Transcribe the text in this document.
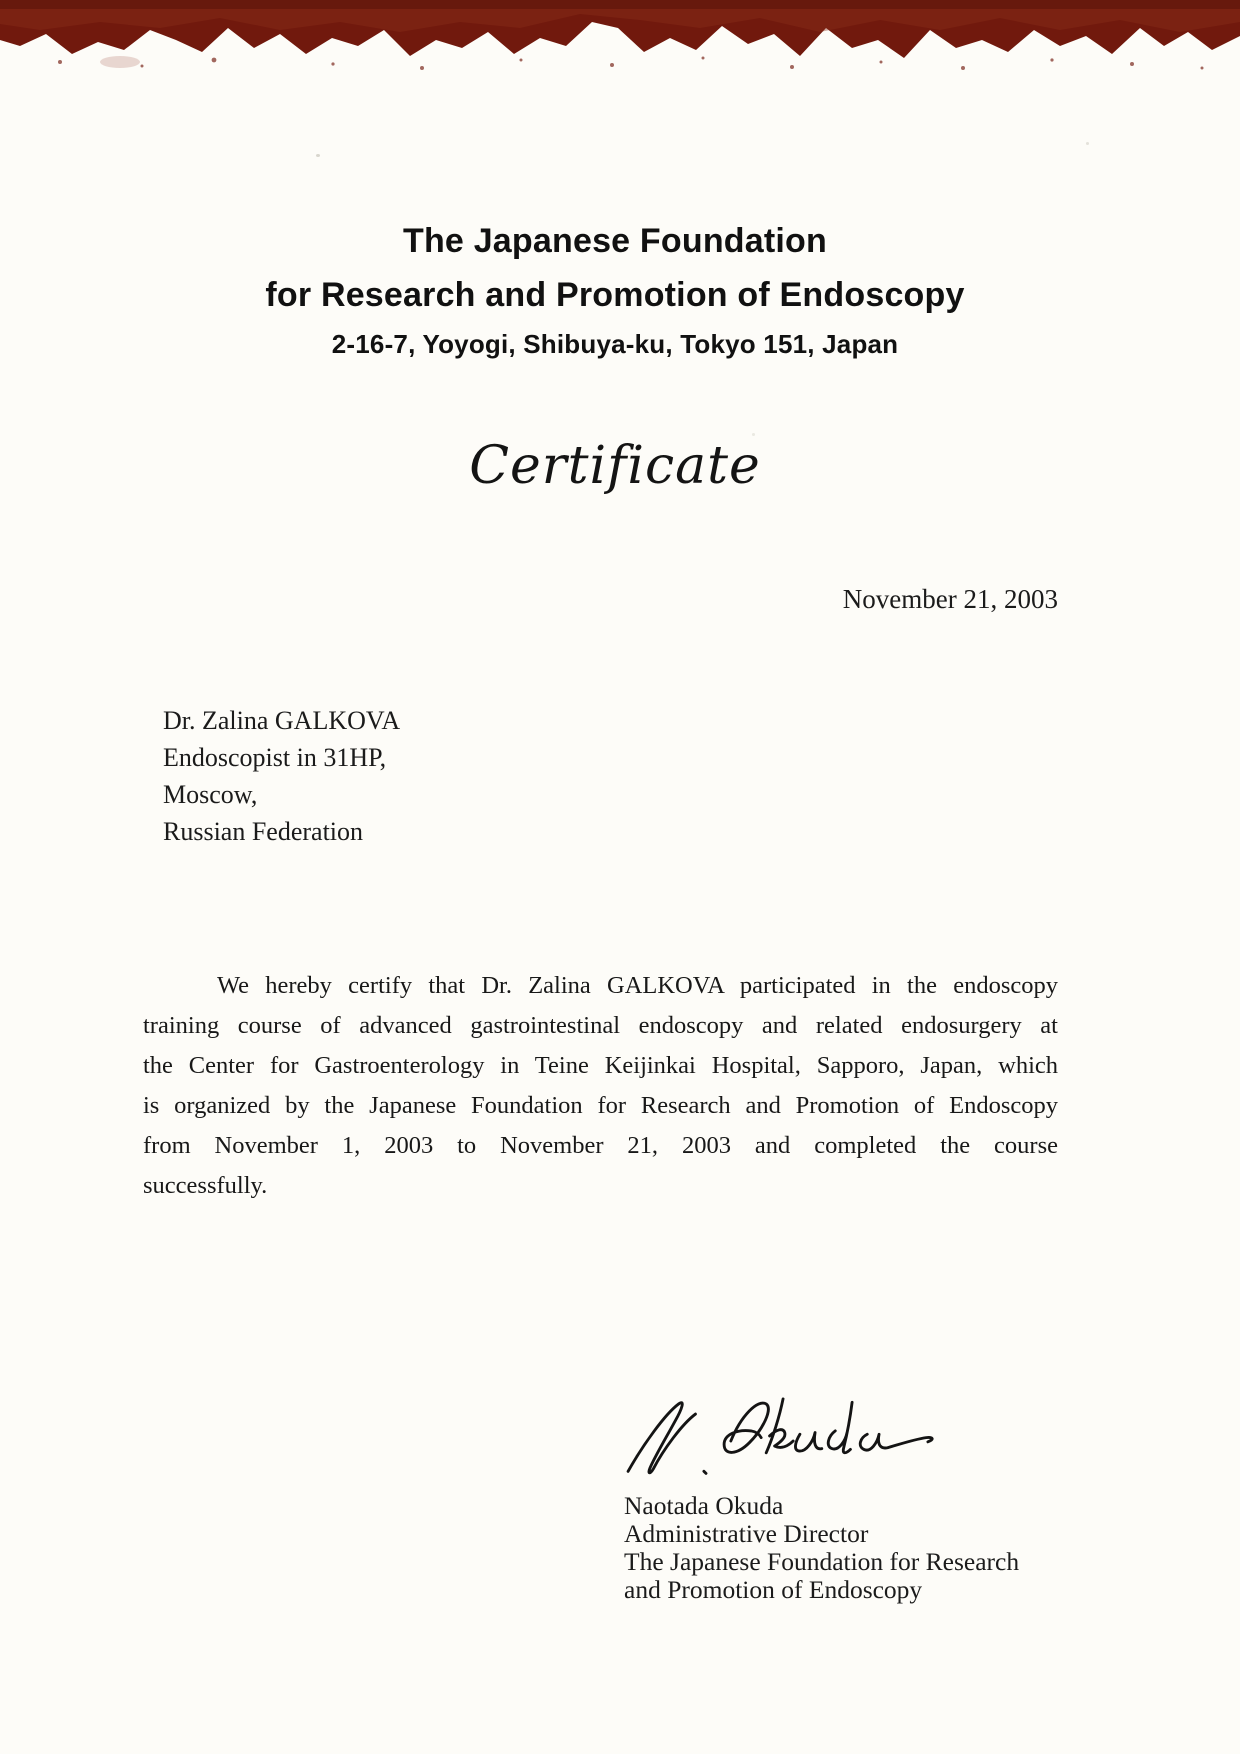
The Japanese Foundation
for Research and Promotion of Endoscopy
2-16-7, Yoyogi, Shibuya-ku, Tokyo 151, Japan
Certificate
November 21, 2003
Dr. Zalina GALKOVA
Endoscopist in 31HP,
Moscow,
Russian Federation
We hereby certify that Dr. Zalina GALKOVA participated in the endoscopy
training course of advanced gastrointestinal endoscopy and related endosurgery at
the Center for Gastroenterology in Teine Keijinkai Hospital, Sapporo, Japan, which
is organized by the Japanese Foundation for Research and Promotion of Endoscopy
from November 1, 2003 to November 21, 2003 and completed the course
successfully.
Naotada Okuda
Administrative Director
The Japanese Foundation for Research
and Promotion of Endoscopy
